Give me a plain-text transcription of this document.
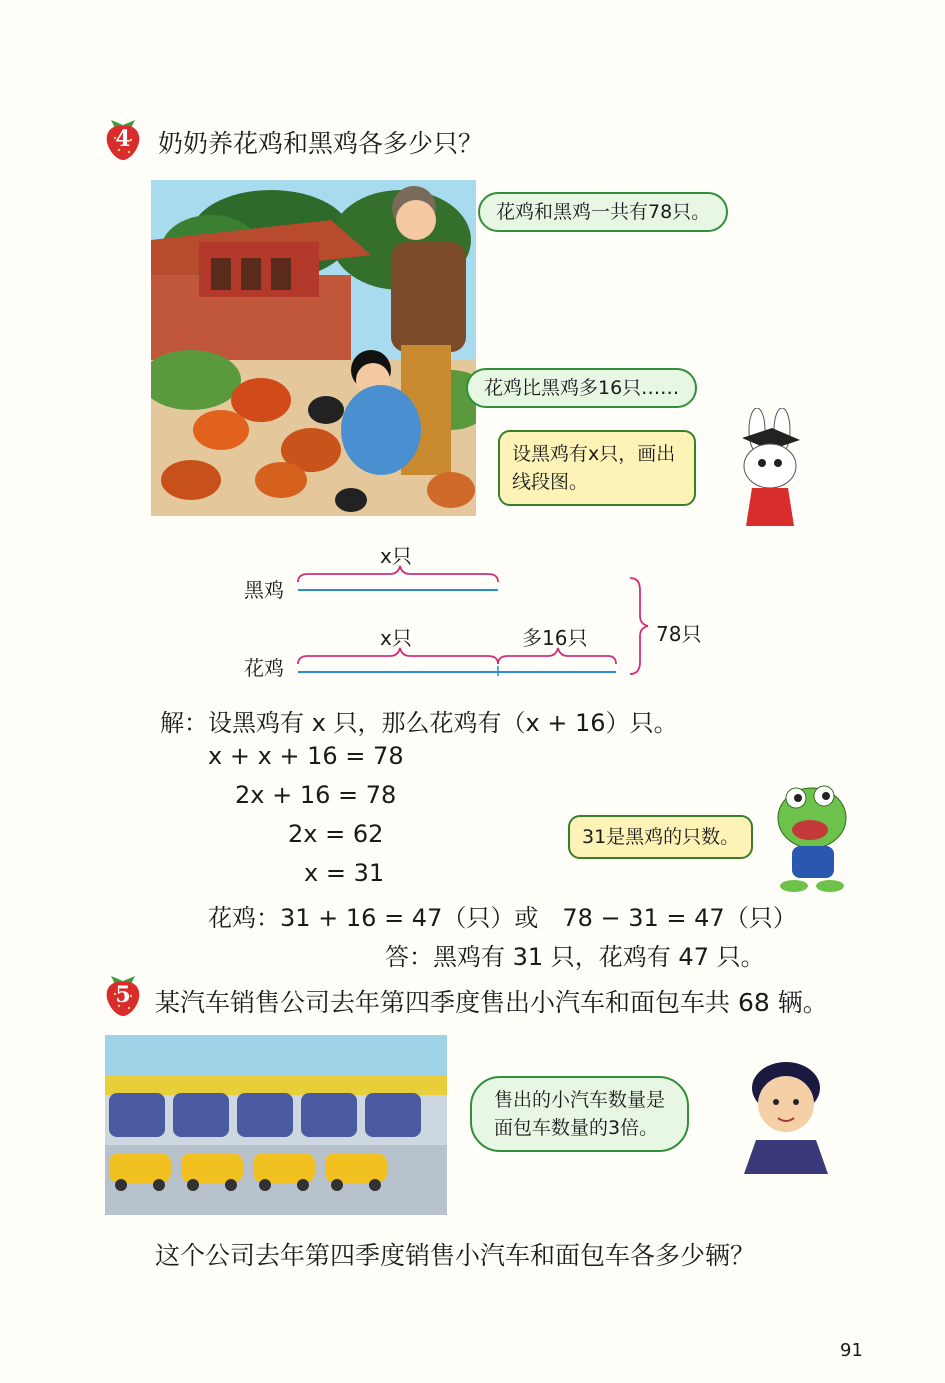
4	奶奶养花鸡和黑鸡各多少只？
花鸡和黑鸡一共有78只。
花鸡比黑鸡多16只……
设黑鸡有x只，画出
线段图。
x只
黑鸡
x只	多16只
花鸡
78只
解：设黑鸡有 x 只，那么花鸡有（x + 16）只。
x + x + 16 = 78
2x + 16 = 78
2x = 62
x = 31
花鸡：31 + 16 = 47（只）或　78 − 31 = 47（只）
答：黑鸡有 31 只，花鸡有 47 只。
31是黑鸡的只数。
5 某汽车销售公司去年第四季度售出小汽车和面包车共 68 辆。
售出的小汽车数量是
面包车数量的3倍。
这个公司去年第四季度销售小汽车和面包车各多少辆？
91
